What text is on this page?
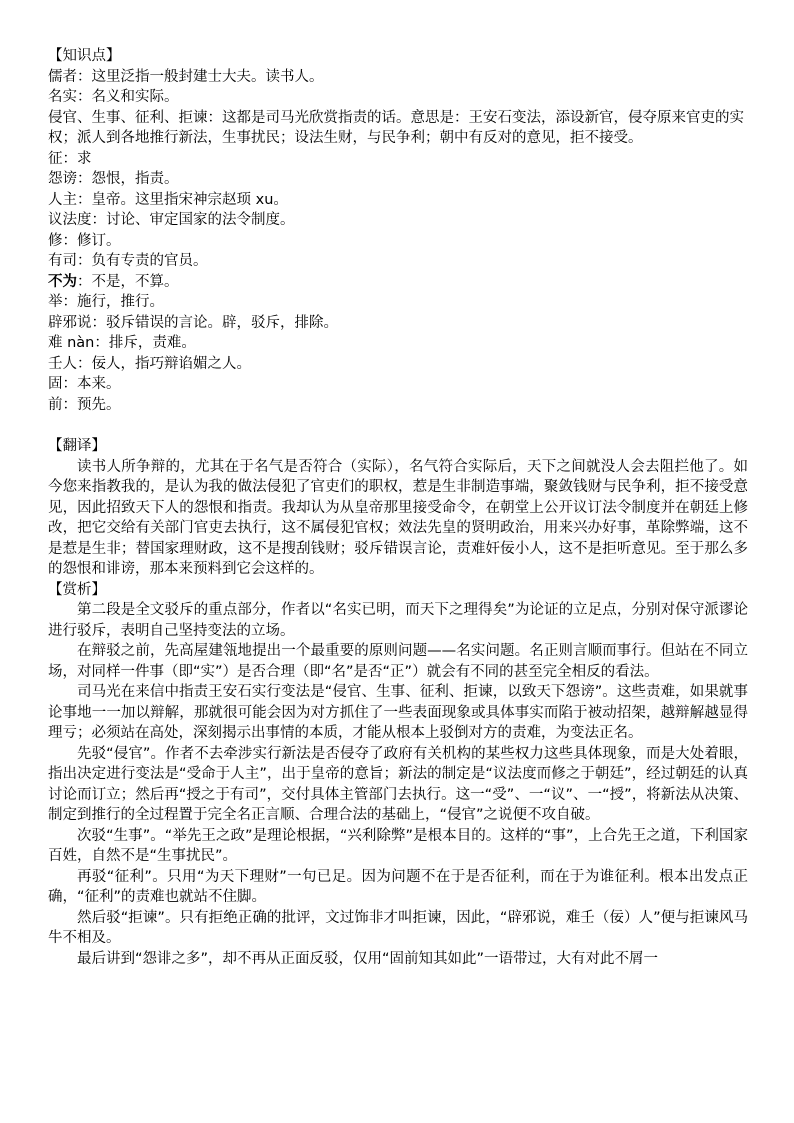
【知识点】

儒者：这里泛指一般封建士大夫。读书人。

名实：名义和实际。

侵官、生事、征利、拒谏：这都是司马光欣赏指责的话。意思是：王安石变法，添设新官，侵夺原来官吏的实权；派人到各地推行新法，生事扰民；设法生财，与民争利；朝中有反对的意见，拒不接受。

征：求

怨谤：怨恨，指责。

人主：皇帝。这里指宋神宗赵顼 xu。

议法度：讨论、审定国家的法令制度。

修：修订。

有司：负有专责的官员。

不为：不是，不算。

举：施行，推行。

辟邪说：驳斥错误的言论。辟，驳斥，排除。

难 nàn：排斥，责难。

壬人：佞人，指巧辩谄媚之人。

固：本来。

前：预先。

【翻译】

读书人所争辩的，尤其在于名气是否符合（实际），名气符合实际后，天下之间就没人会去阻拦他了。如今您来指教我的，是认为我的做法侵犯了官吏们的职权，惹是生非制造事端，聚敛钱财与民争利，拒不接受意见，因此招致天下人的怨恨和指责。我却认为从皇帝那里接受命令，在朝堂上公开议订法令制度并在朝廷上修改，把它交给有关部门官吏去执行，这不属侵犯官权；效法先皇的贤明政治，用来兴办好事，革除弊端，这不是惹是生非；替国家理财政，这不是搜刮钱财；驳斥错误言论，责难奸佞小人，这不是拒听意见。至于那么多的怨恨和诽谤，那本来预料到它会这样的。

【赏析】

第二段是全文驳斥的重点部分，作者以“名实已明，而天下之理得矣”为论证的立足点，分别对保守派谬论进行驳斥，表明自己坚持变法的立场。

在辩驳之前，先高屋建瓴地提出一个最重要的原则问题——名实问题。名正则言顺而事行。但站在不同立场，对同样一件事（即“实”）是否合理（即“名”是否“正”）就会有不同的甚至完全相反的看法。

司马光在来信中指责王安石实行变法是“侵官、生事、征利、拒谏，以致天下怨谤”。这些责难，如果就事论事地一一加以辩解，那就很可能会因为对方抓住了一些表面现象或具体事实而陷于被动招架，越辩解越显得理亏；必须站在高处，深刻揭示出事情的本质，才能从根本上驳倒对方的责难，为变法正名。

先驳“侵官”。作者不去牵涉实行新法是否侵夺了政府有关机构的某些权力这些具体现象，而是大处着眼，指出决定进行变法是“受命于人主”，出于皇帝的意旨；新法的制定是“议法度而修之于朝廷”，经过朝廷的认真讨论而订立；然后再“授之于有司”，交付具体主管部门去执行。这一“受”、一“议”、一“授”，将新法从决策、制定到推行的全过程置于完全名正言顺、合理合法的基础上，“侵官”之说便不攻自破。

次驳“生事”。“举先王之政”是理论根据，“兴利除弊”是根本目的。这样的“事”，上合先王之道，下利国家百姓，自然不是“生事扰民”。

再驳“征利”。只用“为天下理财”一句已足。因为问题不在于是否征利，而在于为谁征利。根本出发点正确，“征利”的责难也就站不住脚。

然后驳“拒谏”。只有拒绝正确的批评，文过饰非才叫拒谏，因此，“辟邪说，难壬（佞）人”便与拒谏风马牛不相及。

最后讲到“怨诽之多”，却不再从正面反驳，仅用“固前知其如此”一语带过，大有对此不屑一
